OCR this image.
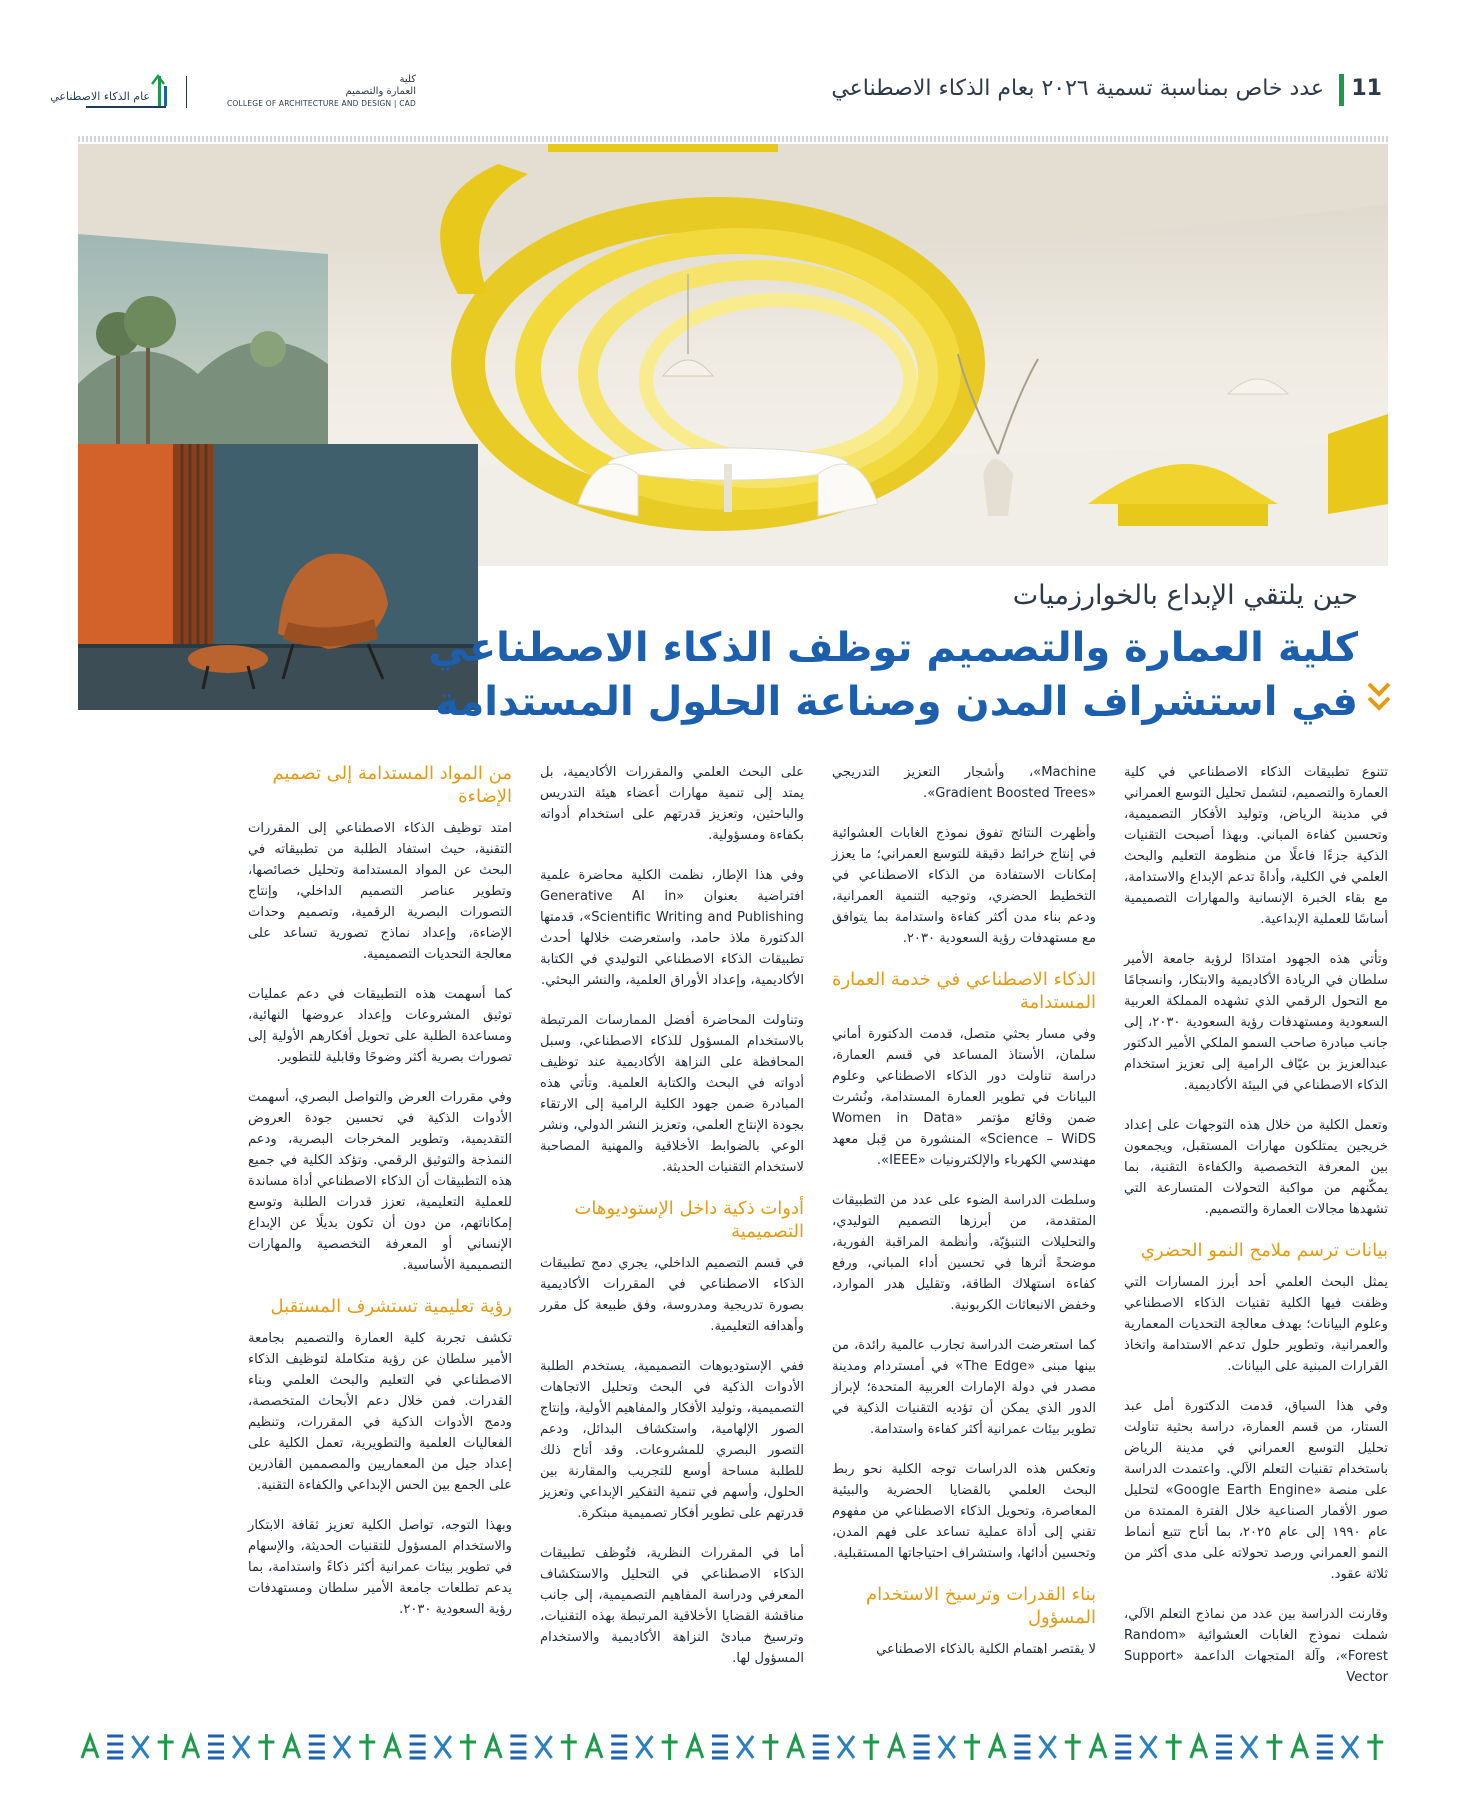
11
عدد خاص بمناسبة تسمية ٢٠٢٦ بعام الذكاء الاصطناعي
عام الذكاء الاصطناعي
كلية
العمارة والتصميم
COLLEGE OF ARCHITECTURE AND DESIGN | CAD
حين يلتقي الإبداع بالخوارزميات
كلية العمارة والتصميم توظف الذكاء الاصطناعي
في استشراف المدن وصناعة الحلول المستدامة

تتنوع تطبيقات الذكاء الاصطناعي في كلية العمارة والتصميم، لتشمل تحليل التوسع العمراني في مدينة الرياض، وتوليد الأفكار التصميمية، وتحسين كفاءة المباني. وبهذا أصبحت التقنيات الذكية جزءًا فاعلًا من منظومة التعليم والبحث العلمي في الكلية، وأداةً تدعم الإبداع والاستدامة، مع بقاء الخبرة الإنسانية والمهارات التصميمية أساسًا للعملية الإبداعية.

وتأتي هذه الجهود امتدادًا لرؤية جامعة الأمير سلطان في الريادة الأكاديمية والابتكار، وانسجامًا مع التحول الرقمي الذي تشهده المملكة العربية السعودية ومستهدفات رؤية السعودية ٢٠٣٠، إلى جانب مبادرة صاحب السمو الملكي الأمير الدكتور عبدالعزيز بن عيّاف الرامية إلى تعزيز استخدام الذكاء الاصطناعي في البيئة الأكاديمية.

وتعمل الكلية من خلال هذه التوجهات على إعداد خريجين يمتلكون مهارات المستقبل، ويجمعون بين المعرفة التخصصية والكفاءة التقنية، بما يمكّنهم من مواكبة التحولات المتسارعة التي تشهدها مجالات العمارة والتصميم.

بيانات ترسم ملامح النمو الحضري

يمثل البحث العلمي أحد أبرز المسارات التي وظفت فيها الكلية تقنيات الذكاء الاصطناعي وعلوم البيانات؛ بهدف معالجة التحديات المعمارية والعمرانية، وتطوير حلول تدعم الاستدامة واتخاذ القرارات المبنية على البيانات.

وفي هذا السياق، قدمت الدكتورة أمل عبد الستار، من قسم العمارة، دراسة بحثية تناولت تحليل التوسع العمراني في مدينة الرياض باستخدام تقنيات التعلم الآلي. واعتمدت الدراسة على منصة «Google Earth Engine» لتحليل صور الأقمار الصناعية خلال الفترة الممتدة من عام ١٩٩٠ إلى عام ٢٠٢٥، بما أتاح تتبع أنماط النمو العمراني ورصد تحولاته على مدى أكثر من ثلاثة عقود.

وقارنت الدراسة بين عدد من نماذج التعلم الآلي، شملت نموذج الغابات العشوائية «Random Forest»، وآلة المتجهات الداعمة «Support Vector

Machine»، وأشجار التعزيز التدريجي «Gradient Boosted Trees».

وأظهرت النتائج تفوق نموذج الغابات العشوائية في إنتاج خرائط دقيقة للتوسع العمراني؛ ما يعزز إمكانات الاستفادة من الذكاء الاصطناعي في التخطيط الحضري، وتوجيه التنمية العمرانية، ودعم بناء مدن أكثر كفاءة واستدامة بما يتوافق مع مستهدفات رؤية السعودية ٢٠٣٠.

الذكاء الاصطناعي في خدمة العمارة المستدامة

وفي مسار بحثي متصل، قدمت الدكتورة أماني سلمان، الأستاذ المساعد في قسم العمارة، دراسة تناولت دور الذكاء الاصطناعي وعلوم البيانات في تطوير العمارة المستدامة، ونُشرت ضمن وقائع مؤتمر «Women in Data Science – WiDS» المنشورة من قِبل معهد مهندسي الكهرباء والإلكترونيات «IEEE».

وسلطت الدراسة الضوء على عدد من التطبيقات المتقدمة، من أبرزها التصميم التوليدي، والتحليلات التنبؤيّة، وأنظمة المراقبة الفورية، موضحةً أثرها في تحسين أداء المباني، ورفع كفاءة استهلاك الطاقة، وتقليل هدر الموارد، وخفض الانبعاثات الكربونية.

كما استعرضت الدراسة تجارب عالمية رائدة، من بينها مبنى «The Edge» في أمستردام ومدينة مصدر في دولة الإمارات العربية المتحدة؛ لإبراز الدور الذي يمكن أن تؤديه التقنيات الذكية في تطوير بيئات عمرانية أكثر كفاءة واستدامة.

وتعكس هذه الدراسات توجه الكلية نحو ربط البحث العلمي بالقضايا الحضرية والبيئية المعاصرة، وتحويل الذكاء الاصطناعي من مفهوم تقني إلى أداة عملية تساعد على فهم المدن، وتحسين أدائها، واستشراف احتياجاتها المستقبلية.

بناء القدرات وترسيخ الاستخدام المسؤول

لا يقتصر اهتمام الكلية بالذكاء الاصطناعي

على البحث العلمي والمقررات الأكاديمية، بل يمتد إلى تنمية مهارات أعضاء هيئة التدريس والباحثين، وتعزيز قدرتهم على استخدام أدواته بكفاءة ومسؤولية.

وفي هذا الإطار، نظمت الكلية محاضرة علمية افتراضية بعنوان «Generative AI in Scientific Writing and Publishing»، قدمتها الدكتورة ملاذ حامد، واستعرضت خلالها أحدث تطبيقات الذكاء الاصطناعي التوليدي في الكتابة الأكاديمية، وإعداد الأوراق العلمية، والنشر البحثي.

وتناولت المحاضرة أفضل الممارسات المرتبطة بالاستخدام المسؤول للذكاء الاصطناعي، وسبل المحافظة على النزاهة الأكاديمية عند توظيف أدواته في البحث والكتابة العلمية. وتأتي هذه المبادرة ضمن جهود الكلية الرامية إلى الارتقاء بجودة الإنتاج العلمي، وتعزيز النشر الدولي، ونشر الوعي بالضوابط الأخلاقية والمهنية المصاحبة لاستخدام التقنيات الحديثة.

أدوات ذكية داخل الإستوديوهات التصميمية

في قسم التصميم الداخلي، يجري دمج تطبيقات الذكاء الاصطناعي في المقررات الأكاديمية بصورة تدريجية ومدروسة، وفق طبيعة كل مقرر وأهدافه التعليمية.

ففي الإستوديوهات التصميمية، يستخدم الطلبة الأدوات الذكية في البحث وتحليل الاتجاهات التصميمية، وتوليد الأفكار والمفاهيم الأولية، وإنتاج الصور الإلهامية، واستكشاف البدائل، ودعم التصور البصري للمشروعات. وقد أتاح ذلك للطلبة مساحة أوسع للتجريب والمقارنة بين الحلول، وأسهم في تنمية التفكير الإبداعي وتعزيز قدرتهم على تطوير أفكار تصميمية مبتكرة.

أما في المقررات النظرية، فتُوظف تطبيقات الذكاء الاصطناعي في التحليل والاستكشاف المعرفي ودراسة المفاهيم التصميمية، إلى جانب مناقشة القضايا الأخلاقية المرتبطة بهذه التقنيات، وترسيخ مبادئ النزاهة الأكاديمية والاستخدام المسؤول لها.

من المواد المستدامة إلى تصميم الإضاءة

امتد توظيف الذكاء الاصطناعي إلى المقررات التقنية، حيث استفاد الطلبة من تطبيقاته في البحث عن المواد المستدامة وتحليل خصائصها، وتطوير عناصر التصميم الداخلي، وإنتاج التصورات البصرية الرقمية، وتصميم وحدات الإضاءة، وإعداد نماذج تصورية تساعد على معالجة التحديات التصميمية.

كما أسهمت هذه التطبيقات في دعم عمليات توثيق المشروعات وإعداد عروضها النهائية، ومساعدة الطلبة على تحويل أفكارهم الأولية إلى تصورات بصرية أكثر وضوحًا وقابلية للتطوير.

وفي مقررات العرض والتواصل البصري، أسهمت الأدوات الذكية في تحسين جودة العروض التقديمية، وتطوير المخرجات البصرية، ودعم النمذجة والتوثيق الرقمي. وتؤكد الكلية في جميع هذه التطبيقات أن الذكاء الاصطناعي أداة مساندة للعملية التعليمية، تعزز قدرات الطلبة وتوسع إمكاناتهم، من دون أن تكون بديلًا عن الإبداع الإنساني أو المعرفة التخصصية والمهارات التصميمية الأساسية.

رؤية تعليمية تستشرف المستقبل

تكشف تجربة كلية العمارة والتصميم بجامعة الأمير سلطان عن رؤية متكاملة لتوظيف الذكاء الاصطناعي في التعليم والبحث العلمي وبناء القدرات. فمن خلال دعم الأبحاث المتخصصة، ودمج الأدوات الذكية في المقررات، وتنظيم الفعاليات العلمية والتطويرية، تعمل الكلية على إعداد جيل من المعماريين والمصممين القادرين على الجمع بين الحس الإبداعي والكفاءة التقنية.

وبهذا التوجه، تواصل الكلية تعزيز ثقافة الابتكار والاستخدام المسؤول للتقنيات الحديثة، والإسهام في تطوير بيئات عمرانية أكثر ذكاءً واستدامة، بما يدعم تطلعات جامعة الأمير سلطان ومستهدفات رؤية السعودية ٢٠٣٠.
